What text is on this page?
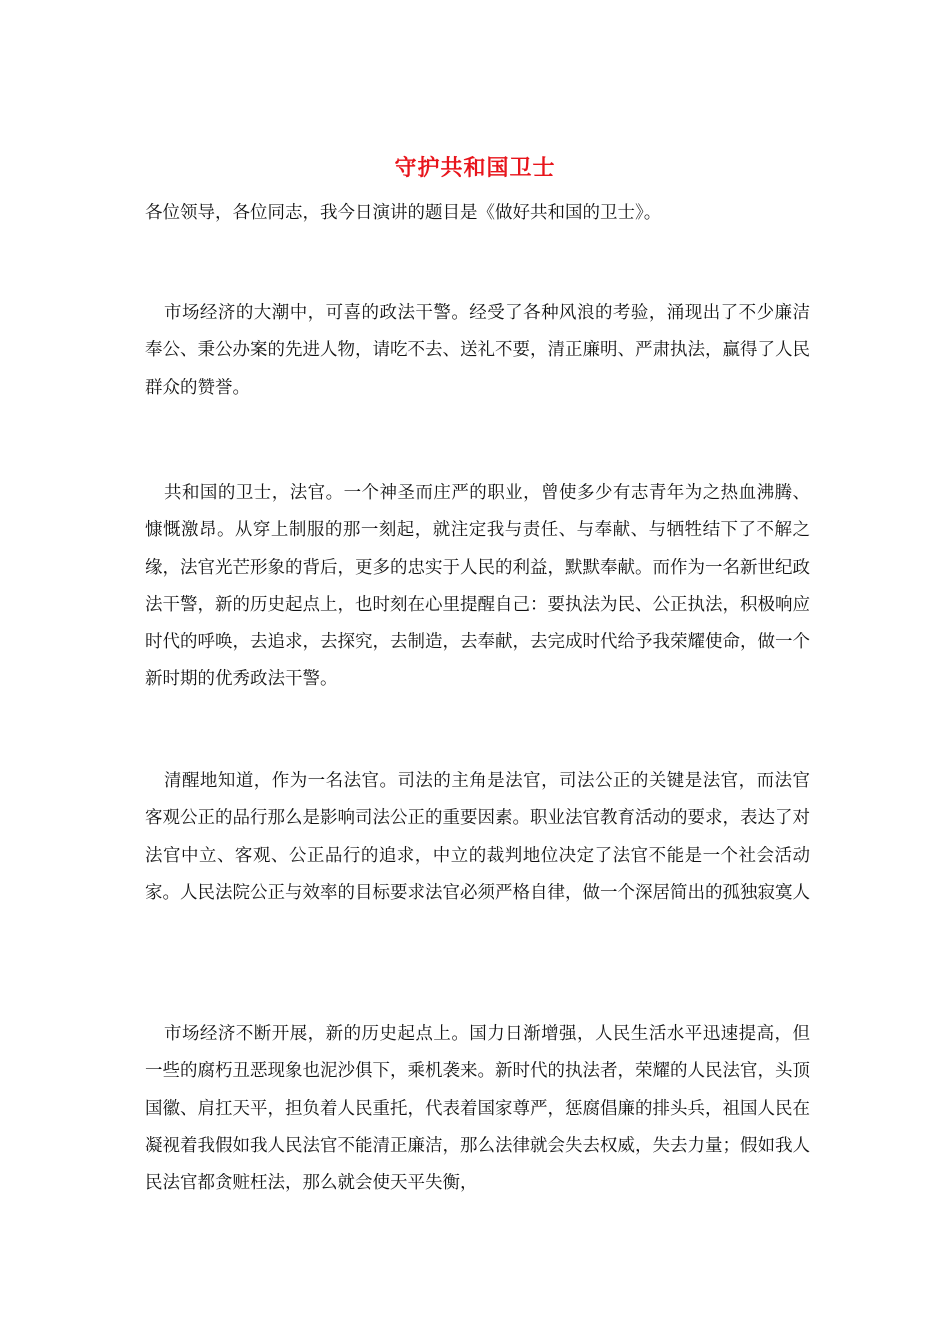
守护共和国卫士
各位领导，各位同志，我今日演讲的题目是《做好共和国的卫士》。

市场经济的大潮中，可喜的政法干警。经受了各种风浪的考验，涌现出了不少廉洁奉公、秉公办案的先进人物，请吃不去、送礼不要，清正廉明、严肃执法，赢得了人民群众的赞誉。

共和国的卫士，法官。一个神圣而庄严的职业，曾使多少有志青年为之热血沸腾、慷慨激昂。从穿上制服的那一刻起，就注定我与责任、与奉献、与牺牲结下了不解之缘，法官光芒形象的背后，更多的忠实于人民的利益，默默奉献。而作为一名新世纪政法干警，新的历史起点上，也时刻在心里提醒自己：要执法为民、公正执法，积极响应时代的呼唤，去追求，去探究，去制造，去奉献，去完成时代给予我荣耀使命，做一个新时期的优秀政法干警。

清醒地知道，作为一名法官。司法的主角是法官，司法公正的关键是法官，而法官客观公正的品行那么是影响司法公正的重要因素。职业法官教育活动的要求，表达了对法官中立、客观、公正品行的追求，中立的裁判地位决定了法官不能是一个社会活动家。人民法院公正与效率的目标要求法官必须严格自律，做一个深居简出的孤独寂寞人

市场经济不断开展，新的历史起点上。国力日渐增强，人民生活水平迅速提高，但一些的腐朽丑恶现象也泥沙俱下，乘机袭来。新时代的执法者，荣耀的人民法官，头顶国徽、肩扛天平，担负着人民重托，代表着国家尊严，惩腐倡廉的排头兵，祖国人民在凝视着我假如我人民法官不能清正廉洁，那么法律就会失去权威，失去力量；假如我人民法官都贪赃枉法，那么就会使天平失衡，
